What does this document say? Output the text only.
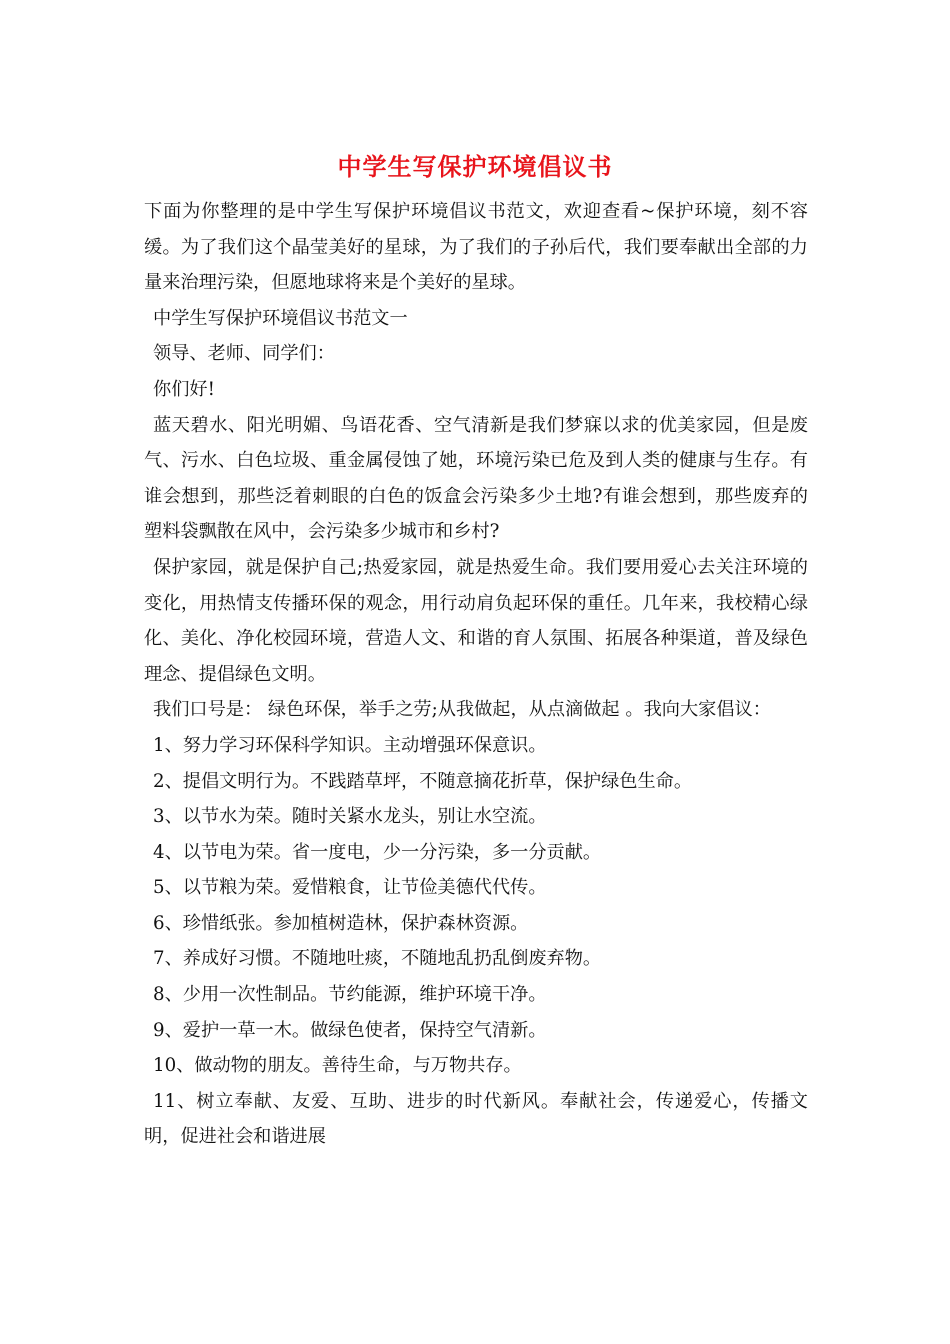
中学生写保护环境倡议书

下面为你整理的是中学生写保护环境倡议书范文，欢迎查看~保护环境，刻不容缓。为了我们这个晶莹美好的星球，为了我们的子孙后代，我们要奉献出全部的力量来治理污染，但愿地球将来是个美好的星球。

中学生写保护环境倡议书范文一

领导、老师、同学们：

你们好!

蓝天碧水、阳光明媚、鸟语花香、空气清新是我们梦寐以求的优美家园，但是废气、污水、白色垃圾、重金属侵蚀了她，环境污染已危及到人类的健康与生存。有谁会想到，那些泛着刺眼的白色的饭盒会污染多少土地?有谁会想到，那些废弃的塑料袋飘散在风中，会污染多少城市和乡村?

保护家园，就是保护自己;热爱家园，就是热爱生命。我们要用爱心去关注环境的变化，用热情支传播环保的观念，用行动肩负起环保的重任。几年来，我校精心绿化、美化、净化校园环境，营造人文、和谐的育人氛围、拓展各种渠道，普及绿色理念、提倡绿色文明。

我们口号是： 绿色环保，举手之劳;从我做起，从点滴做起 。我向大家倡议：

1、努力学习环保科学知识。主动增强环保意识。

2、提倡文明行为。不践踏草坪，不随意摘花折草，保护绿色生命。

3、以节水为荣。随时关紧水龙头，别让水空流。

4、以节电为荣。省一度电，少一分污染，多一分贡献。

5、以节粮为荣。爱惜粮食，让节俭美德代代传。

6、珍惜纸张。参加植树造林，保护森林资源。

7、养成好习惯。不随地吐痰，不随地乱扔乱倒废弃物。

8、少用一次性制品。节约能源，维护环境干净。

9、爱护一草一木。做绿色使者，保持空气清新。

10、做动物的朋友。善待生命，与万物共存。

11、树立奉献、友爱、互助、进步的时代新风。奉献社会，传递爱心，传播文明，促进社会和谐进展
